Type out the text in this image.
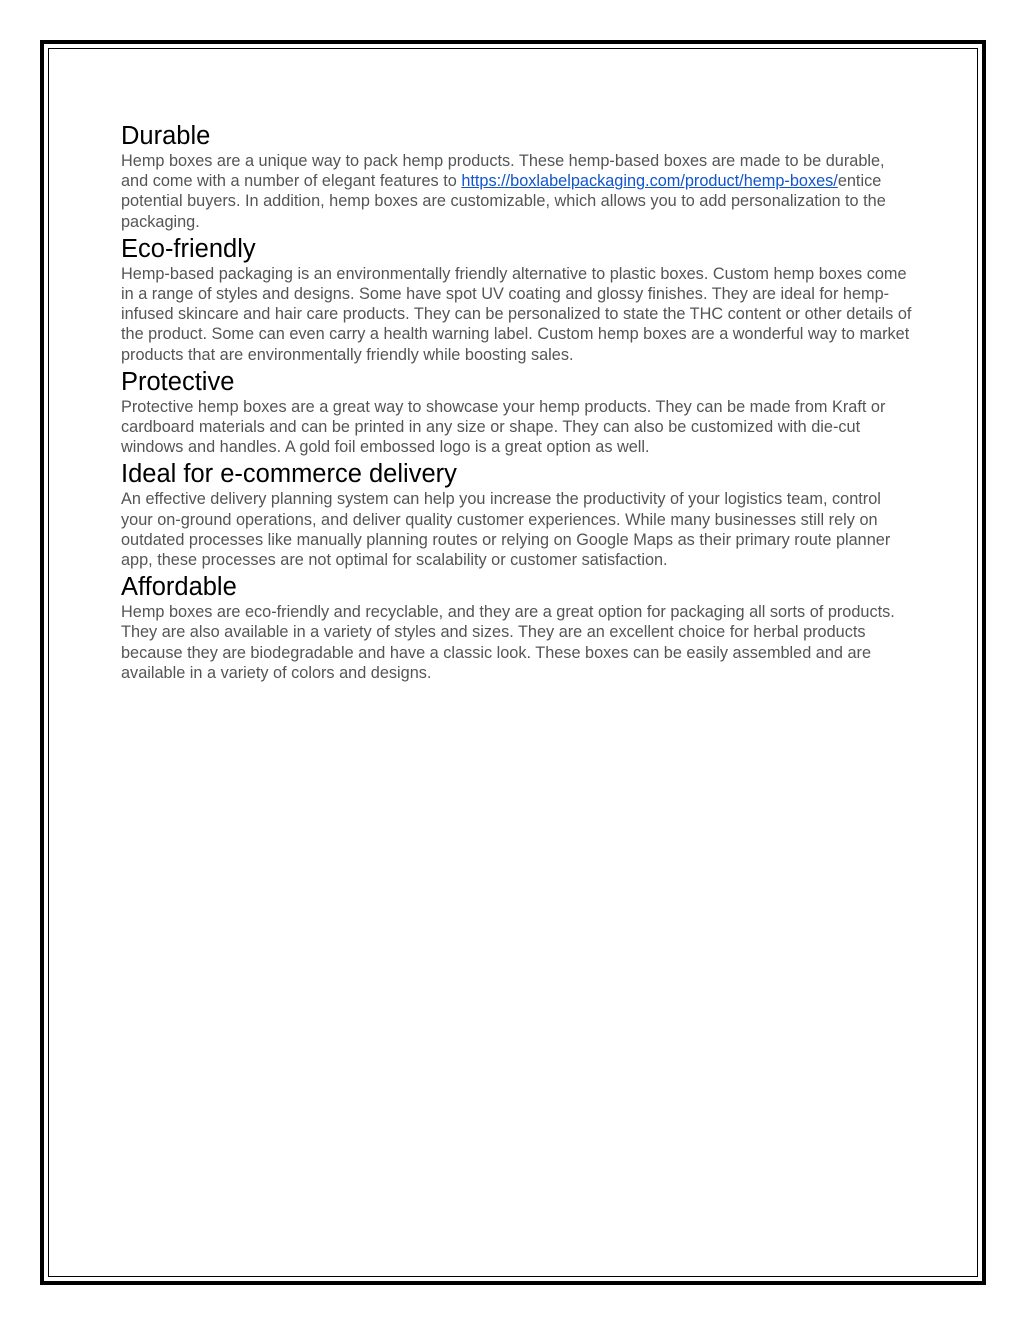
Durable

Hemp boxes are a unique way to pack hemp products. These hemp-based boxes are made to be durable, and come with a number of elegant features to https://boxlabelpackaging.com/product/hemp-boxes/entice potential buyers. In addition, hemp boxes are customizable, which allows you to add personalization to the packaging.

Eco-friendly

Hemp-based packaging is an environmentally friendly alternative to plastic boxes. Custom hemp boxes come in a range of styles and designs. Some have spot UV coating and glossy finishes. They are ideal for hemp-infused skincare and hair care products. They can be personalized to state the THC content or other details of the product. Some can even carry a health warning label. Custom hemp boxes are a wonderful way to market products that are environmentally friendly while boosting sales.

Protective

Protective hemp boxes are a great way to showcase your hemp products. They can be made from Kraft or cardboard materials and can be printed in any size or shape. They can also be customized with die-cut windows and handles. A gold foil embossed logo is a great option as well.

Ideal for e-commerce delivery

An effective delivery planning system can help you increase the productivity of your logistics team, control your on-ground operations, and deliver quality customer experiences. While many businesses still rely on outdated processes like manually planning routes or relying on Google Maps as their primary route planner app, these processes are not optimal for scalability or customer satisfaction.

Affordable

Hemp boxes are eco-friendly and recyclable, and they are a great option for packaging all sorts of products. They are also available in a variety of styles and sizes. They are an excellent choice for herbal products because they are biodegradable and have a classic look. These boxes can be easily assembled and are available in a variety of colors and designs.
